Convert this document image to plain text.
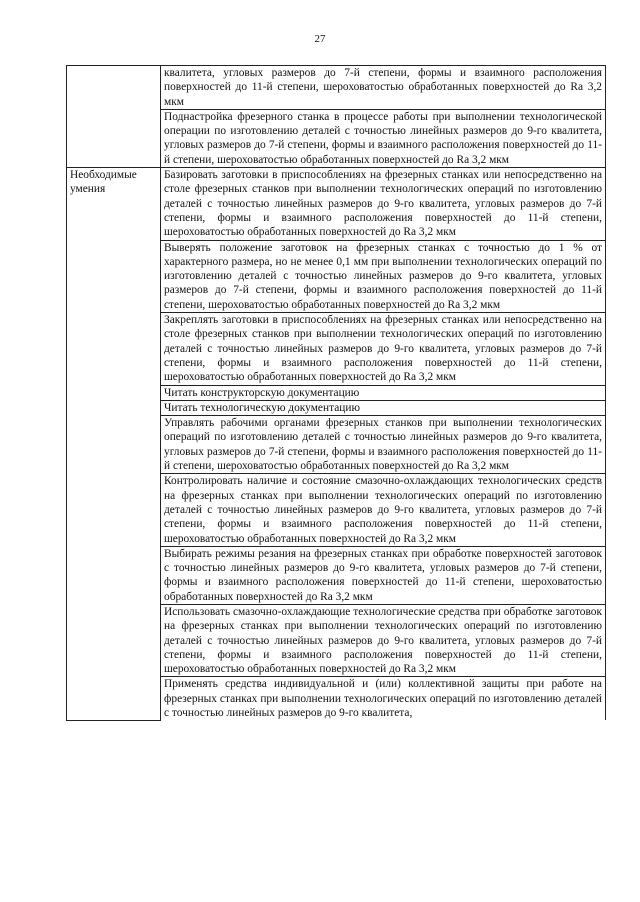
27
	квалитета, угловых размеров до 7-й степени, формы и взаимного расположения поверхностей до 11-й степени, шероховатостью обработанных поверхностей до Ra 3,2 мкм
	Поднастройка фрезерного станка в процессе работы при выполнении технологической операции по изготовлению деталей с точностью линейных размеров до 9-го квалитета, угловых размеров до 7-й степени, формы и взаимного расположения поверхностей до 11-й степени, шероховатостью обработанных поверхностей до Ra 3,2 мкм
Необходимые умения	Базировать заготовки в приспособлениях на фрезерных станках или непосредственно на столе фрезерных станков при выполнении технологических операций по изготовлению деталей с точностью линейных размеров до 9-го квалитета, угловых размеров до 7-й степени, формы и взаимного расположения поверхностей до 11-й степени, шероховатостью обработанных поверхностей до Ra 3,2 мкм
	Выверять положение заготовок на фрезерных станках с точностью до 1 % от характерного размера, но не менее 0,1 мм при выполнении технологических операций по изготовлению деталей с точностью линейных размеров до 9-го квалитета, угловых размеров до 7-й степени, формы и взаимного расположения поверхностей до 11-й степени, шероховатостью обработанных поверхностей до Ra 3,2 мкм
	Закреплять заготовки в приспособлениях на фрезерных станках или непосредственно на столе фрезерных станков при выполнении технологических операций по изготовлению деталей с точностью линейных размеров до 9-го квалитета, угловых размеров до 7-й степени, формы и взаимного расположения поверхностей до 11-й степени, шероховатостью обработанных поверхностей до Ra 3,2 мкм
	Читать конструкторскую документацию
	Читать технологическую документацию
	Управлять рабочими органами фрезерных станков при выполнении технологических операций по изготовлению деталей с точностью линейных размеров до 9-го квалитета, угловых размеров до 7-й степени, формы и взаимного расположения поверхностей до 11-й степени, шероховатостью обработанных поверхностей до Ra 3,2 мкм
	Контролировать наличие и состояние смазочно-охлаждающих технологических средств на фрезерных станках при выполнении технологических операций по изготовлению деталей с точностью линейных размеров до 9-го квалитета, угловых размеров до 7-й степени, формы и взаимного расположения поверхностей до 11-й степени, шероховатостью обработанных поверхностей до Ra 3,2 мкм
	Выбирать режимы резания на фрезерных станках при обработке поверхностей заготовок с точностью линейных размеров до 9-го квалитета, угловых размеров до 7-й степени, формы и взаимного расположения поверхностей до 11-й степени, шероховатостью обработанных поверхностей до Ra 3,2 мкм
	Использовать смазочно-охлаждающие технологические средства при обработке заготовок на фрезерных станках при выполнении технологических операций по изготовлению деталей с точностью линейных размеров до 9-го квалитета, угловых размеров до 7-й степени, формы и взаимного расположения поверхностей до 11-й степени, шероховатостью обработанных поверхностей до Ra 3,2 мкм
	Применять средства индивидуальной и (или) коллективной защиты при работе на фрезерных станках при выполнении технологических операций по изготовлению деталей с точностью линейных размеров до 9-го квалитета,
